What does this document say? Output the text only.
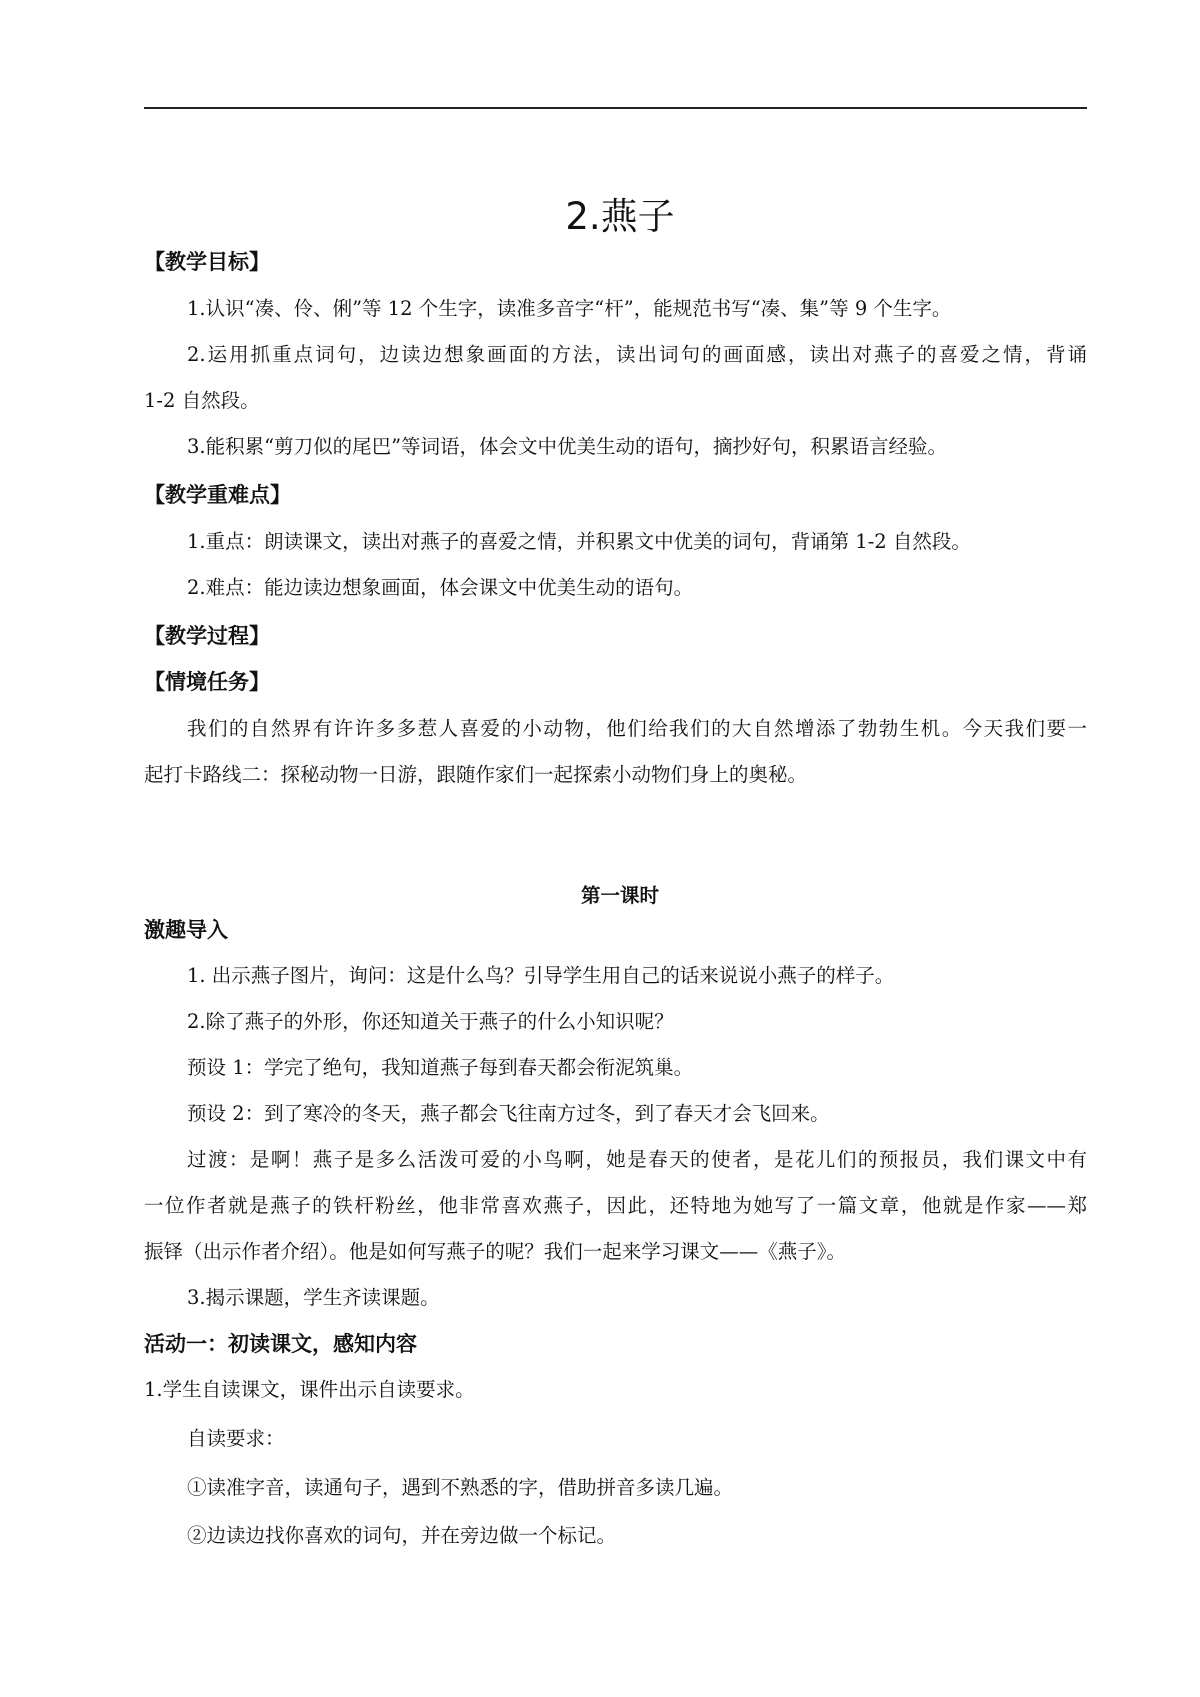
2.燕子
【教学目标】
1.认识“凑、伶、俐”等 12 个生字，读准多音字“杆”，能规范书写“凑、集”等 9 个生字。
2.运用抓重点词句，边读边想象画面的方法，读出词句的画面感，读出对燕子的喜爱之情，背诵
1-2 自然段。
3.能积累“剪刀似的尾巴”等词语，体会文中优美生动的语句，摘抄好句，积累语言经验。
【教学重难点】
1.重点：朗读课文，读出对燕子的喜爱之情，并积累文中优美的词句，背诵第 1-2 自然段。
2.难点：能边读边想象画面，体会课文中优美生动的语句。
【教学过程】
【情境任务】
我们的自然界有许许多多惹人喜爱的小动物，他们给我们的大自然增添了勃勃生机。今天我们要一
起打卡路线二：探秘动物一日游，跟随作家们一起探索小动物们身上的奥秘。
第一课时
激趣导入
1. 出示燕子图片，询问：这是什么鸟？引导学生用自己的话来说说小燕子的样子。
2.除了燕子的外形，你还知道关于燕子的什么小知识呢？
预设 1：学完了绝句，我知道燕子每到春天都会衔泥筑巢。
预设 2：到了寒冷的冬天，燕子都会飞往南方过冬，到了春天才会飞回来。
过渡：是啊！燕子是多么活泼可爱的小鸟啊，她是春天的使者，是花儿们的预报员，我们课文中有
一位作者就是燕子的铁杆粉丝，他非常喜欢燕子，因此，还特地为她写了一篇文章，他就是作家——郑
振铎（出示作者介绍）。他是如何写燕子的呢？我们一起来学习课文——《燕子》。
3.揭示课题，学生齐读课题。
活动一：初读课文，感知内容
1.学生自读课文，课件出示自读要求。
自读要求：
①读准字音，读通句子，遇到不熟悉的字，借助拼音多读几遍。
②边读边找你喜欢的词句，并在旁边做一个标记。
